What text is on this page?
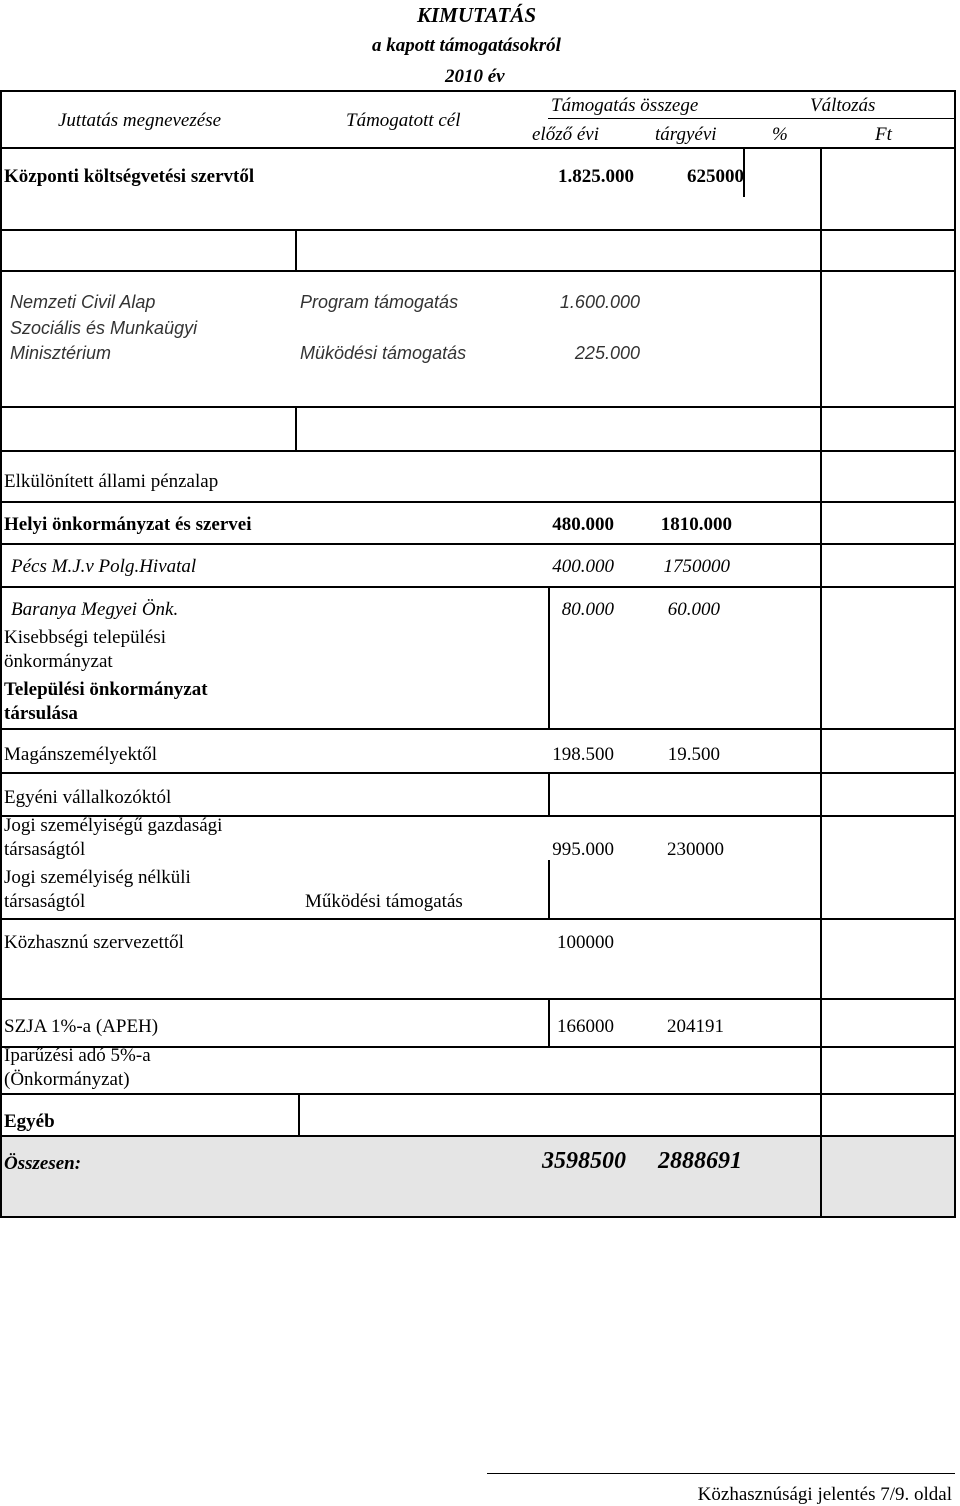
KIMUTATÁS
a kapott támogatásokról
2010 év
Juttatás megnevezése	Támogatott cél
Támogatás összege	Változás
előző évi	tárgyévi	%	Ft
Központi költségvetési szervtől	1.825.000	625000
Nemzeti Civil Alap	Program támogatás	1.600.000
Szociális és Munkaügyi
Minisztérium	Müködési támogatás	225.000
Elkülönített állami pénzalap
Helyi önkormányzat és szervei	480.000 1810.000
Pécs M.J.v Polg.Hivatal	400.000	1750000
Baranya Megyei Önk.	80.000	60.000
Kisebbségi települési
önkormányzat
Települési önkormányzat
társulása
Magánszemélyektől	198.500	19.500
Egyéni vállalkozóktól
Jogi személyiségű gazdasági
társaságtól	995.000	230000
Jogi személyiség nélküli
társaságtól	Működési támogatás
Közhasznú szervezettől	100000
SZJA 1%-a (APEH)	166000	204191
Iparűzési adó 5%-a
(Önkormányzat)
Egyéb
Összesen:	3598500 2888691
Közhasznúsági jelentés 7/9. oldal
